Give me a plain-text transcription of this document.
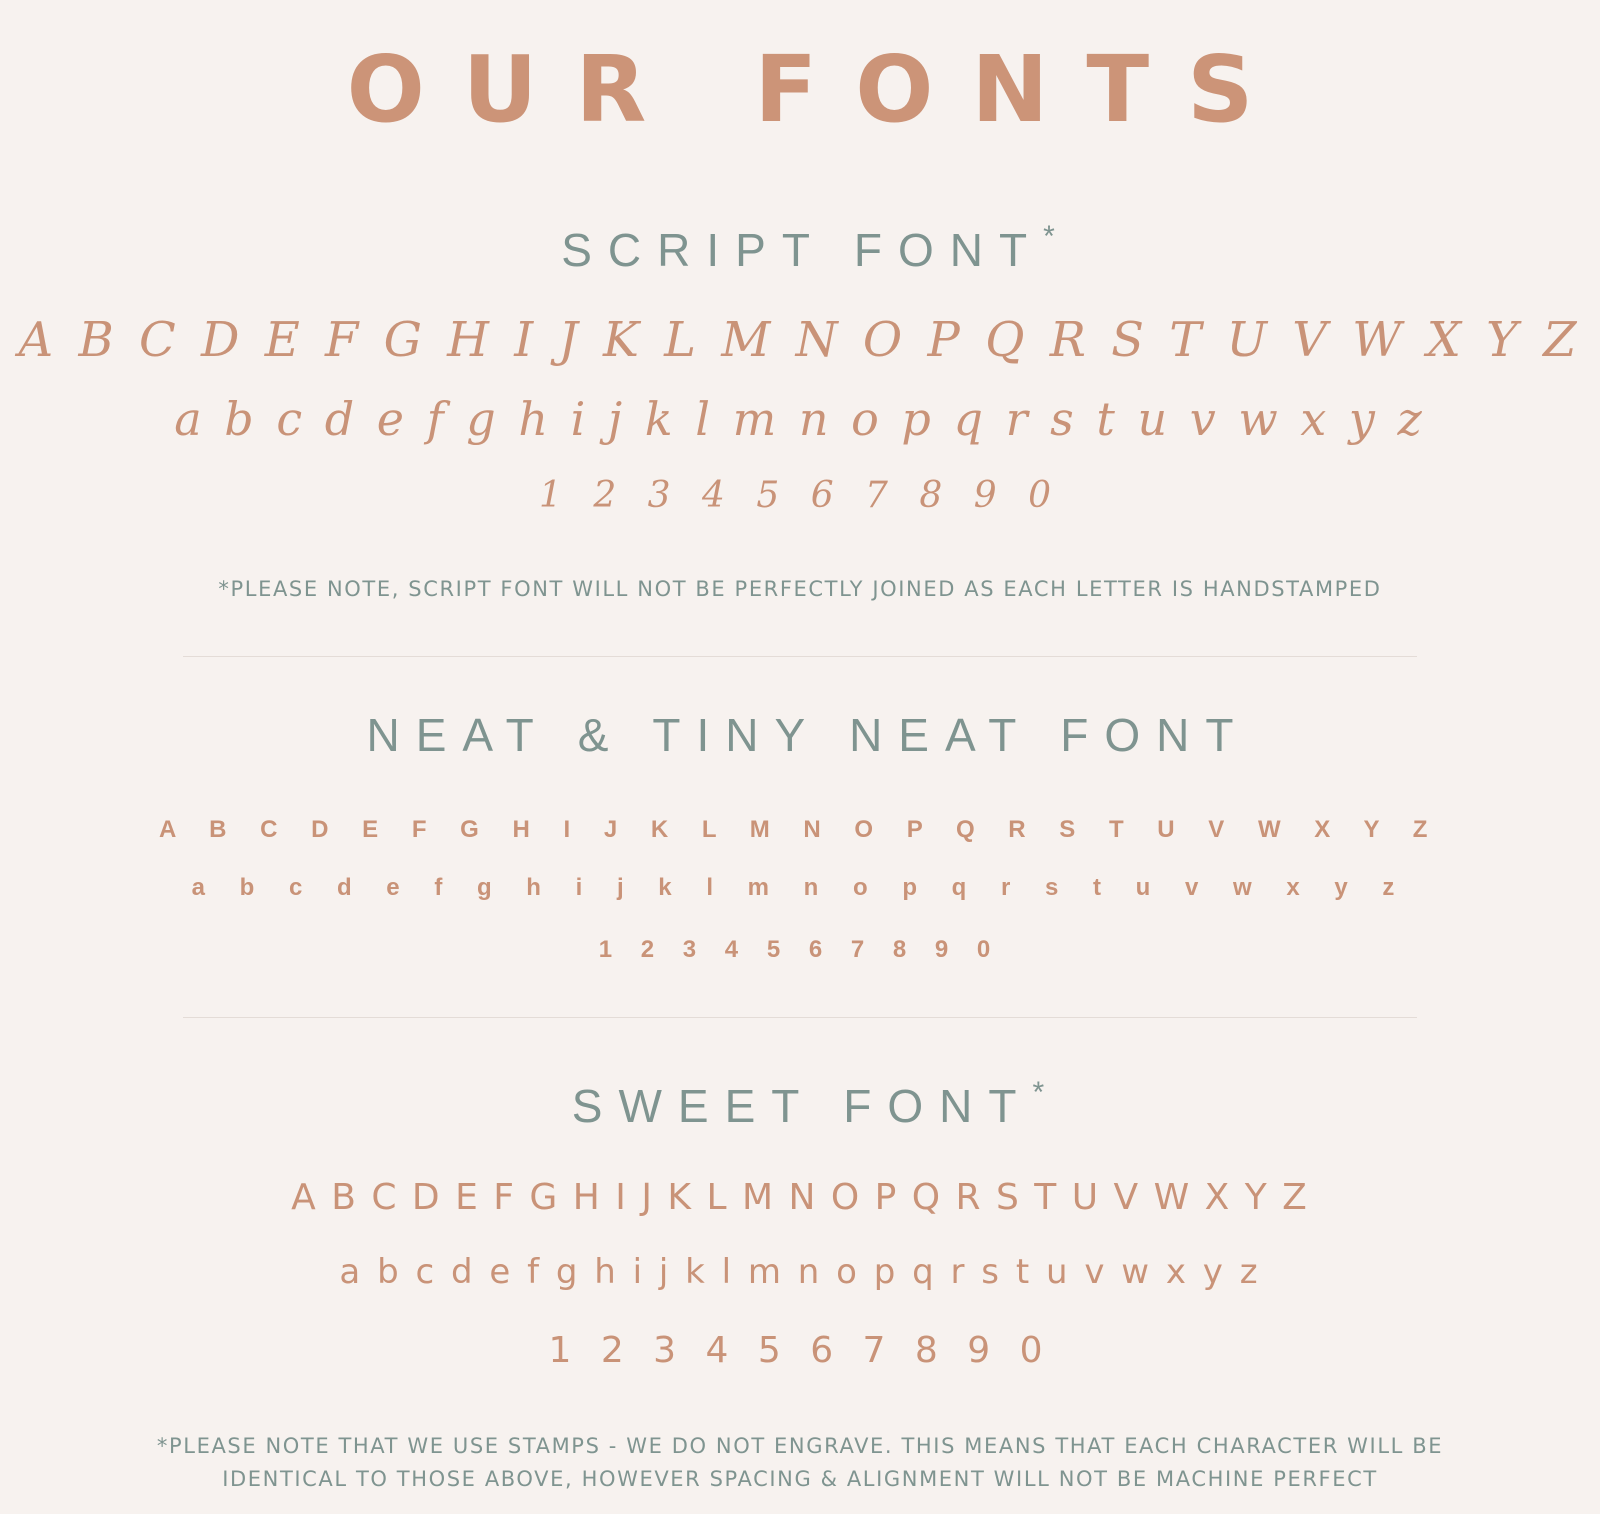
OUR FONTS
SCRIPT FONT*
A B C D E F G H I J K L M N O P Q R S T U V W X Y Z
a b c d e f g h i j k l m n o p q r s t u v w x y z
1 2 3 4 5 6 7 8 9 0
*PLEASE NOTE, SCRIPT FONT WILL NOT BE PERFECTLY JOINED AS EACH LETTER IS HANDSTAMPED
NEAT & TINY NEAT FONT
A B C D E F G H I J K L M N O P Q R S T U V W X Y Z
a b c d e f g h i j k l m n o p q r s t u v w x y z
1 2 3 4 5 6 7 8 9 0
SWEET FONT*
A B C D E F G H I J K L M N O P Q R S T U V W X Y Z
a b c d e f g h i j k l m n o p q r s t u v w x y z
1 2 3 4 5 6 7 8 9 0
*PLEASE NOTE THAT WE USE STAMPS - WE DO NOT ENGRAVE. THIS MEANS THAT EACH CHARACTER WILL BE
IDENTICAL TO THOSE ABOVE, HOWEVER SPACING & ALIGNMENT WILL NOT BE MACHINE PERFECT
